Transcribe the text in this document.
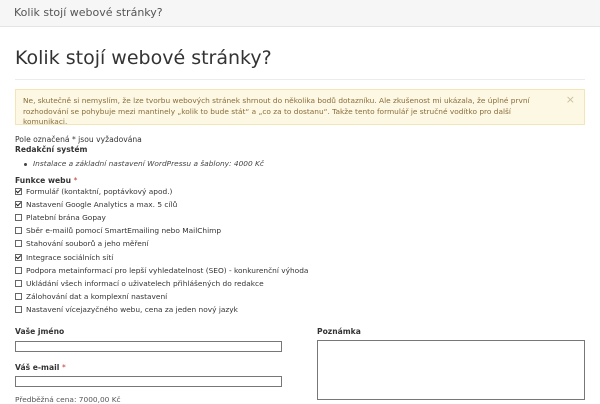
Kolik stojí webové stránky?
Kolik stojí webové stránky?
Ne, skutečně si nemyslím, že lze tvorbu webových stránek shrnout do několika bodů dotazníku. Ale zkušenost mi ukázala, že úplné první rozhodování se pohybuje mezi mantinely „kolik to bude stát“ a „co za to dostanu“. Takže tento formulář je stručné vodítko pro další komunikaci.
×
Pole označená * jsou vyžadována
Redakční systém
Instalace a základní nastavení WordPressu a šablony: 4000 Kč
Funkce webu *
Formulář (kontaktní, poptávkový apod.)
Nastavení Google Analytics a max. 5 cílů
Platební brána Gopay
Sběr e-mailů pomocí SmartEmailing nebo MailChimp
Stahování souborů a jeho měření
Integrace sociálních sítí
Podpora metainformací pro lepší vyhledatelnost (SEO) - konkurenční výhoda
Ukládání všech informací o uživatelech přihlášených do redakce
Zálohování dat a komplexní nastavení
Nastavení vícejazyčného webu, cena za jeden nový jazyk
Vaše jméno
Váš e-mail *
Poznámka
Předběžná cena: 7000,00 Kč
